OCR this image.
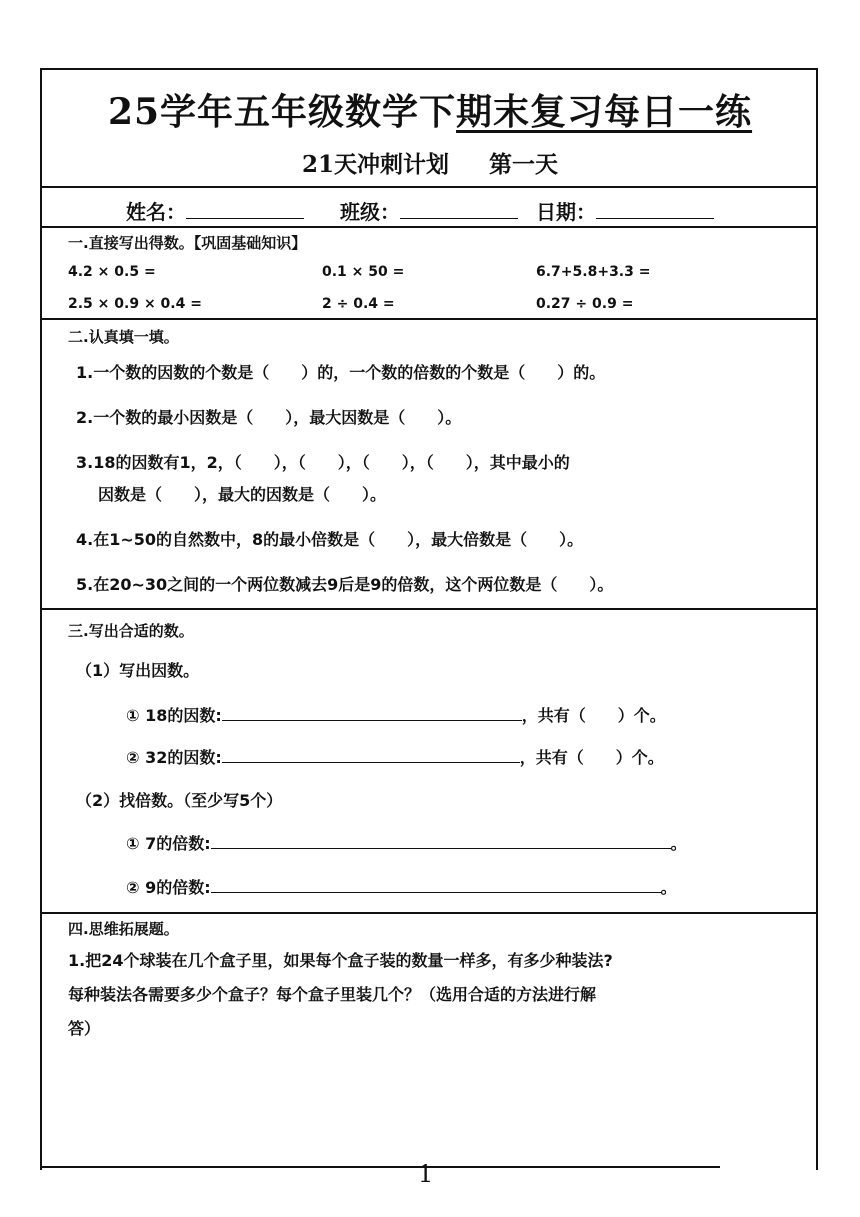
25学年五年级数学下期末复习每日一练
21天冲刺计划 第一天
姓名：	班级：	日期：
一.直接写出得数。【巩固基础知识】
4.2 × 0.5 =	0.1 × 50 =	6.7+5.8+3.3 =
2.5 × 0.9 × 0.4 =	2 ÷ 0.4 =	0.27 ÷ 0.9 =
二.认真填一填。
1.一个数的因数的个数是（　　）的，一个数的倍数的个数是（　　）的。
2.一个数的最小因数是（　　），最大因数是（　　）。
3.18的因数有1，2，（　　），（　　），（　　），（　　），其中最小的
因数是（　　），最大的因数是（　　）。
4.在1~50的自然数中，8的最小倍数是（　　），最大倍数是（　　）。
5.在20~30之间的一个两位数减去9后是9的倍数，这个两位数是（　　）。
三.写出合适的数。
（1）写出因数。
① 18的因数:	，共有（　　）个。
② 32的因数:	，共有（　　）个。
（2）找倍数。（至少写5个）
① 7的倍数:	。
② 9的倍数:	。
四.思维拓展题。
1.把24个球装在几个盒子里，如果每个盒子装的数量一样多，有多少种装法?
每种装法各需要多少个盒子？每个盒子里装几个？（选用合适的方法进行解
答）
1
